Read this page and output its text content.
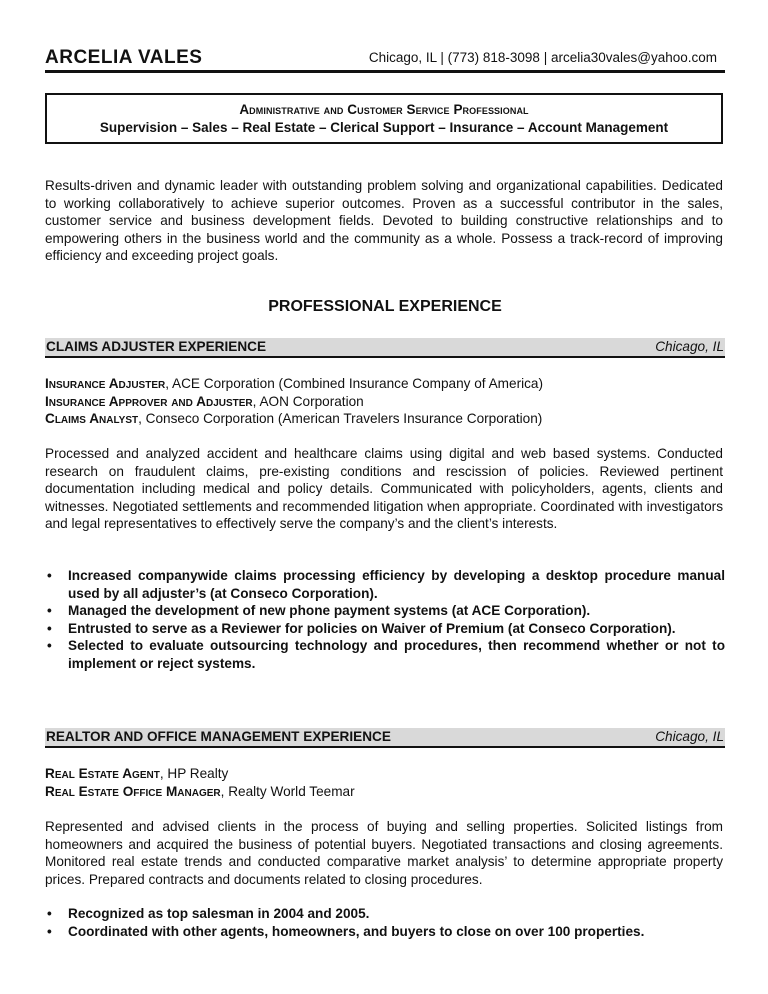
ARCELIA VALES	Chicago, IL | (773) 818-3098 | arcelia30vales@yahoo.com
Administrative and Customer Service Professional
Supervision – Sales – Real Estate – Clerical Support – Insurance – Account Management

Results-driven and dynamic leader with outstanding problem solving and organizational capabilities. Dedicated to working collaboratively to achieve superior outcomes. Proven as a successful contributor in the sales, customer service and business development fields. Devoted to building constructive relationships and to empowering others in the business world and the community as a whole. Possess a track-record of improving efficiency and exceeding project goals.

PROFESSIONAL EXPERIENCE
CLAIMS ADJUSTER EXPERIENCE	Chicago, IL
Insurance Adjuster, ACE Corporation (Combined Insurance Company of America)
Insurance Approver and Adjuster, AON Corporation
Claims Analyst, Conseco Corporation (American Travelers Insurance Corporation)

Processed and analyzed accident and healthcare claims using digital and web based systems. Conducted research on fraudulent claims, pre-existing conditions and rescission of policies. Reviewed pertinent documentation including medical and policy details. Communicated with policyholders, agents, clients and witnesses. Negotiated settlements and recommended litigation when appropriate. Coordinated with investigators and legal representatives to effectively serve the company’s and the client’s interests.

• Increased companywide claims processing efficiency by developing a desktop procedure manual used by all adjuster’s (at Conseco Corporation).
• Managed the development of new phone payment systems (at ACE Corporation).
• Entrusted to serve as a Reviewer for policies on Waiver of Premium (at Conseco Corporation).
• Selected to evaluate outsourcing technology and procedures, then recommend whether or not to implement or reject systems.
REALTOR AND OFFICE MANAGEMENT EXPERIENCE	Chicago, IL
Real Estate Agent, HP Realty
Real Estate Office Manager, Realty World Teemar

Represented and advised clients in the process of buying and selling properties. Solicited listings from homeowners and acquired the business of potential buyers. Negotiated transactions and closing agreements. Monitored real estate trends and conducted comparative market analysis’ to determine appropriate property prices. Prepared contracts and documents related to closing procedures.

• Recognized as top salesman in 2004 and 2005.
• Coordinated with other agents, homeowners, and buyers to close on over 100 properties.
